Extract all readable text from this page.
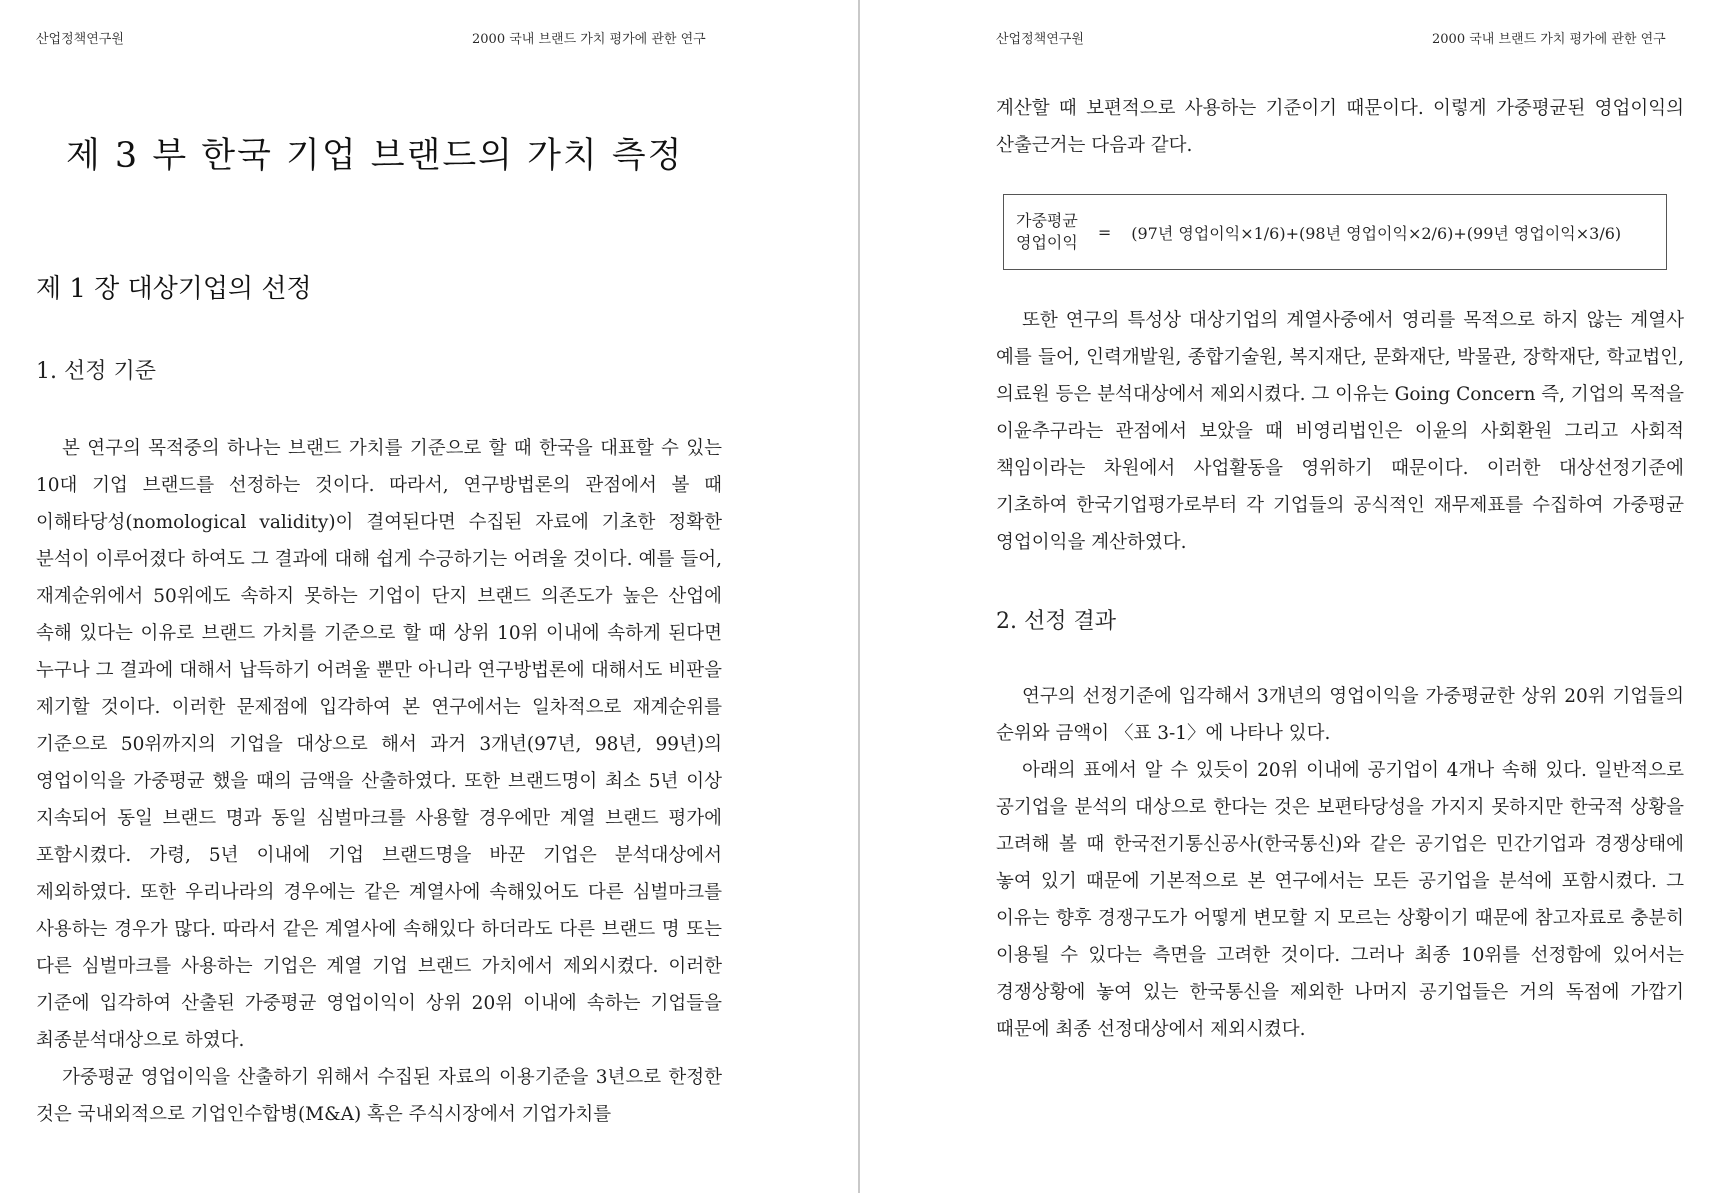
산업정책연구원	2000 국내 브랜드 가치 평가에 관한 연구
제 3 부 한국 기업 브랜드의 가치 측정
제 1 장 대상기업의 선정
1. 선정 기준

본 연구의 목적중의 하나는 브랜드 가치를 기준으로 할 때 한국을 대표할 수 있는 10대 기업 브랜드를 선정하는 것이다. 따라서, 연구방법론의 관점에서 볼 때 이해타당성(nomological validity)이 결여된다면 수집된 자료에 기초한 정확한 분석이 이루어졌다 하여도 그 결과에 대해 쉽게 수긍하기는 어려울 것이다. 예를 들어, 재계순위에서 50위에도 속하지 못하는 기업이 단지 브랜드 의존도가 높은 산업에 속해 있다는 이유로 브랜드 가치를 기준으로 할 때 상위 10위 이내에 속하게 된다면 누구나 그 결과에 대해서 납득하기 어려울 뿐만 아니라 연구방법론에 대해서도 비판을 제기할 것이다. 이러한 문제점에 입각하여 본 연구에서는 일차적으로 재계순위를 기준으로 50위까지의 기업을 대상으로 해서 과거 3개년(97년, 98년, 99년)의 영업이익을 가중평균 했을 때의 금액을 산출하였다. 또한 브랜드명이 최소 5년 이상 지속되어 동일 브랜드 명과 동일 심벌마크를 사용할 경우에만 계열 브랜드 평가에 포함시켰다. 가령, 5년 이내에 기업 브랜드명을 바꾼 기업은 분석대상에서 제외하였다. 또한 우리나라의 경우에는 같은 계열사에 속해있어도 다른 심벌마크를 사용하는 경우가 많다. 따라서 같은 계열사에 속해있다 하더라도 다른 브랜드 명 또는 다른 심벌마크를 사용하는 기업은 계열 기업 브랜드 가치에서 제외시켰다. 이러한 기준에 입각하여 산출된 가중평균 영업이익이 상위 20위 이내에 속하는 기업들을 최종분석대상으로 하였다.

가중평균 영업이익을 산출하기 위해서 수집된 자료의 이용기준을 3년으로 한정한 것은 국내외적으로 기업인수합병(M&A) 혹은 주식시장에서 기업가치를

산업정책연구원	2000 국내 브랜드 가치 평가에 관한 연구

계산할 때 보편적으로 사용하는 기준이기 때문이다. 이렇게 가중평균된 영업이익의 산출근거는 다음과 같다.

가중평균
영업이익
= (97년 영업이익×1/6)+(98년 영업이익×2/6)+(99년 영업이익×3/6)

또한 연구의 특성상 대상기업의 계열사중에서 영리를 목적으로 하지 않는 계열사 예를 들어, 인력개발원, 종합기술원, 복지재단, 문화재단, 박물관, 장학재단, 학교법인, 의료원 등은 분석대상에서 제외시켰다. 그 이유는 Going Concern 즉, 기업의 목적을 이윤추구라는 관점에서 보았을 때 비영리법인은 이윤의 사회환원 그리고 사회적 책임이라는 차원에서 사업활동을 영위하기 때문이다. 이러한 대상선정기준에 기초하여 한국기업평가로부터 각 기업들의 공식적인 재무제표를 수집하여 가중평균 영업이익을 계산하였다.

2. 선정 결과

연구의 선정기준에 입각해서 3개년의 영업이익을 가중평균한 상위 20위 기업들의 순위와 금액이 〈표 3-1〉에 나타나 있다.

아래의 표에서 알 수 있듯이 20위 이내에 공기업이 4개나 속해 있다. 일반적으로 공기업을 분석의 대상으로 한다는 것은 보편타당성을 가지지 못하지만 한국적 상황을 고려해 볼 때 한국전기통신공사(한국통신)와 같은 공기업은 민간기업과 경쟁상태에 놓여 있기 때문에 기본적으로 본 연구에서는 모든 공기업을 분석에 포함시켰다. 그 이유는 향후 경쟁구도가 어떻게 변모할 지 모르는 상황이기 때문에 참고자료로 충분히 이용될 수 있다는 측면을 고려한 것이다. 그러나 최종 10위를 선정함에 있어서는 경쟁상황에 놓여 있는 한국통신을 제외한 나머지 공기업들은 거의 독점에 가깝기 때문에 최종 선정대상에서 제외시켰다.
